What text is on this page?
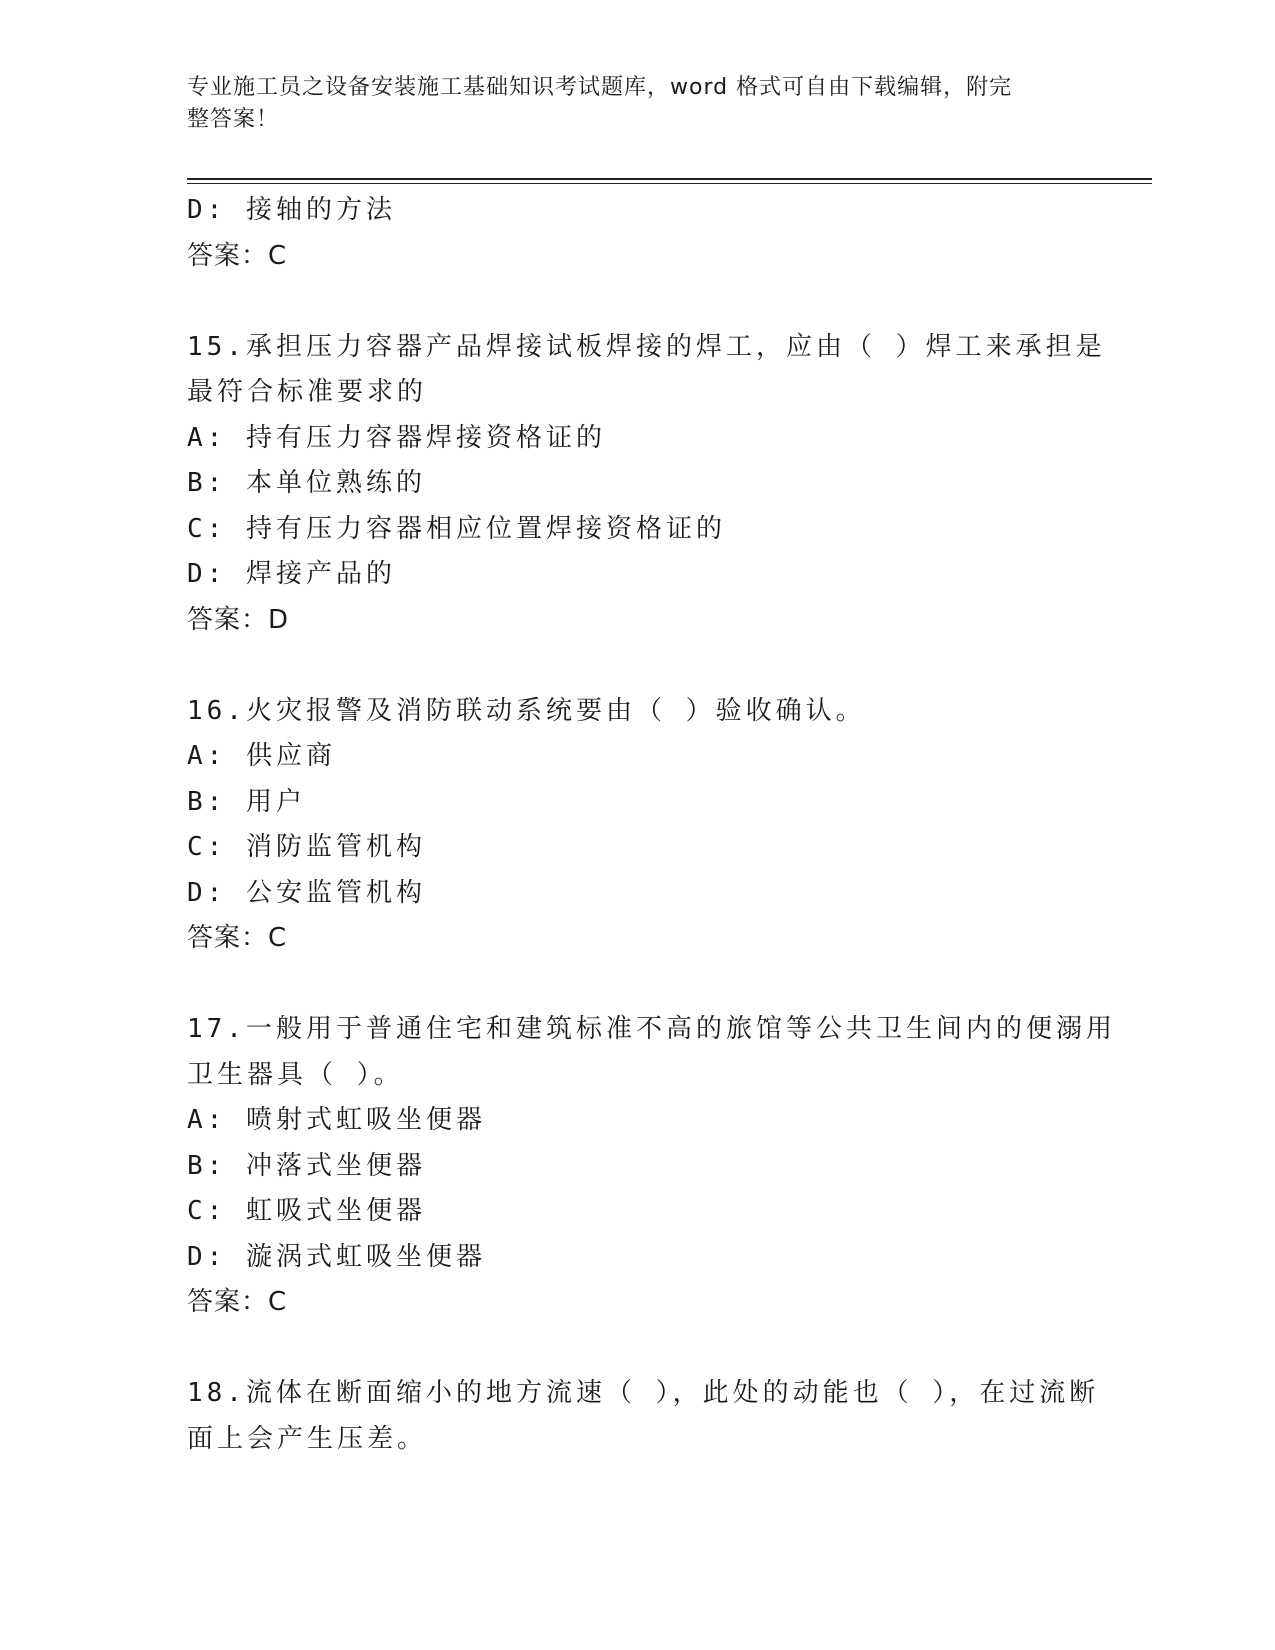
专业施工员之设备安装施工基础知识考试题库，word 格式可自由下载编辑，附完
整答案！
D: 接轴的方法
答案：C
15.承担压力容器产品焊接试板焊接的焊工，应由（ ）焊工来承担是
最符合标准要求的
A: 持有压力容器焊接资格证的
B: 本单位熟练的
C: 持有压力容器相应位置焊接资格证的
D: 焊接产品的
答案：D
16.火灾报警及消防联动系统要由（ ）验收确认。
A: 供应商
B: 用户
C: 消防监管机构
D: 公安监管机构
答案：C
17.一般用于普通住宅和建筑标准不高的旅馆等公共卫生间内的便溺用
卫生器具（ ）。
A: 喷射式虹吸坐便器
B: 冲落式坐便器
C: 虹吸式坐便器
D: 漩涡式虹吸坐便器
答案：C
18.流体在断面缩小的地方流速（ ），此处的动能也（ ），在过流断
面上会产生压差。
